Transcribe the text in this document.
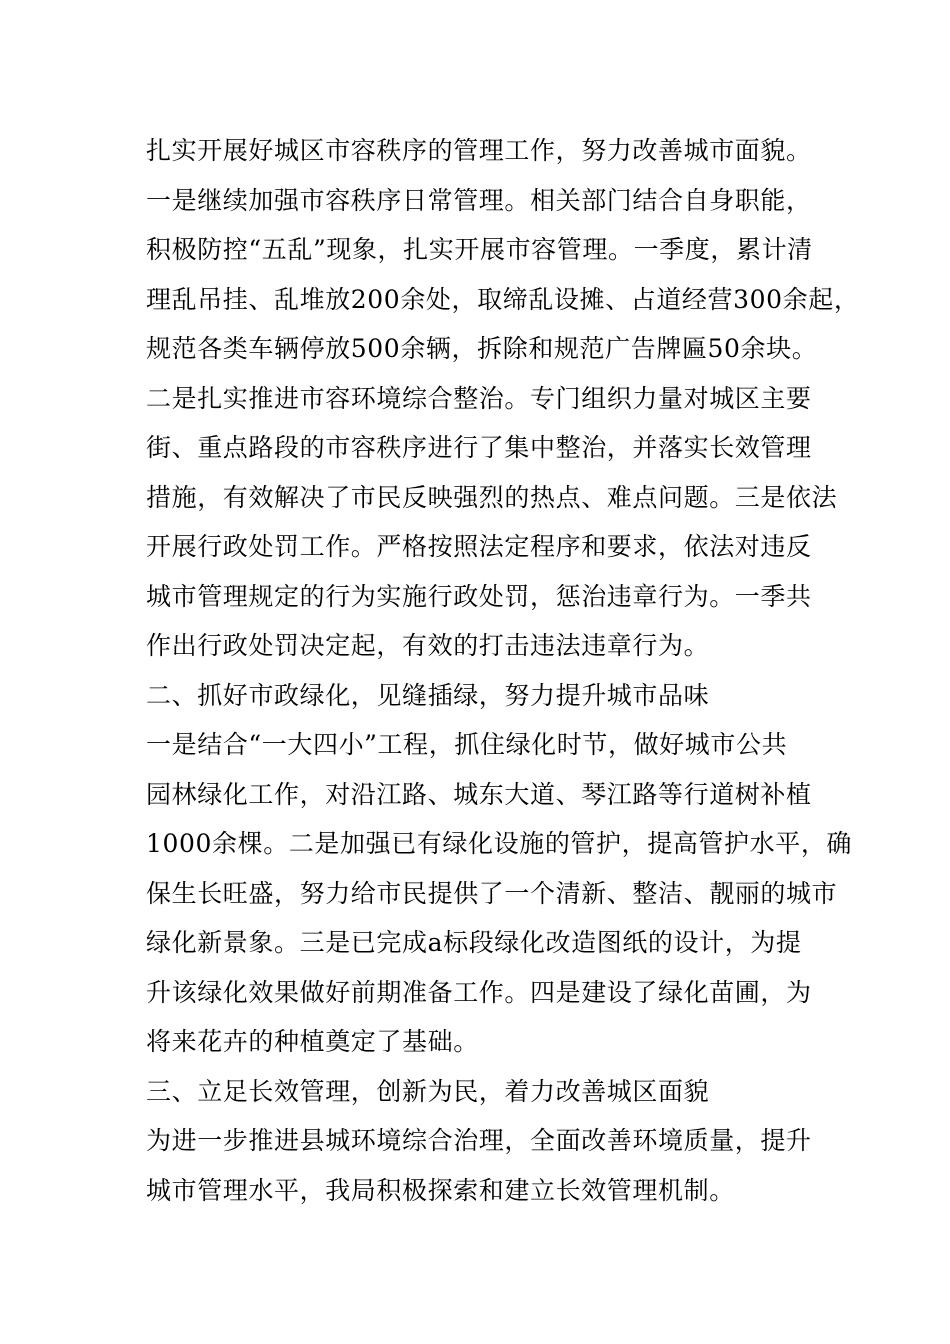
扎实开展好城区市容秩序的管理工作，努力改善城市面貌。
一是继续加强市容秩序日常管理。相关部门结合自身职能，
积极防控“五乱”现象，扎实开展市容管理。一季度，累计清
理乱吊挂、乱堆放200余处，取缔乱设摊、占道经营300余起，
规范各类车辆停放500余辆，拆除和规范广告牌匾50余块。
二是扎实推进市容环境综合整治。专门组织力量对城区主要
街、重点路段的市容秩序进行了集中整治，并落实长效管理
措施，有效解决了市民反映强烈的热点、难点问题。三是依法
开展行政处罚工作。严格按照法定程序和要求，依法对违反
城市管理规定的行为实施行政处罚，惩治违章行为。一季共
作出行政处罚决定起，有效的打击违法违章行为。
二、抓好市政绿化，见缝插绿，努力提升城市品味
一是结合“一大四小”工程，抓住绿化时节，做好城市公共
园林绿化工作，对沿江路、城东大道、琴江路等行道树补植
1000余棵。二是加强已有绿化设施的管护，提高管护水平，确
保生长旺盛，努力给市民提供了一个清新、整洁、靓丽的城市
绿化新景象。三是已完成a标段绿化改造图纸的设计，为提
升该绿化效果做好前期准备工作。四是建设了绿化苗圃，为
将来花卉的种植奠定了基础。
三、立足长效管理，创新为民，着力改善城区面貌
为进一步推进县城环境综合治理，全面改善环境质量，提升
城市管理水平，我局积极探索和建立长效管理机制。
